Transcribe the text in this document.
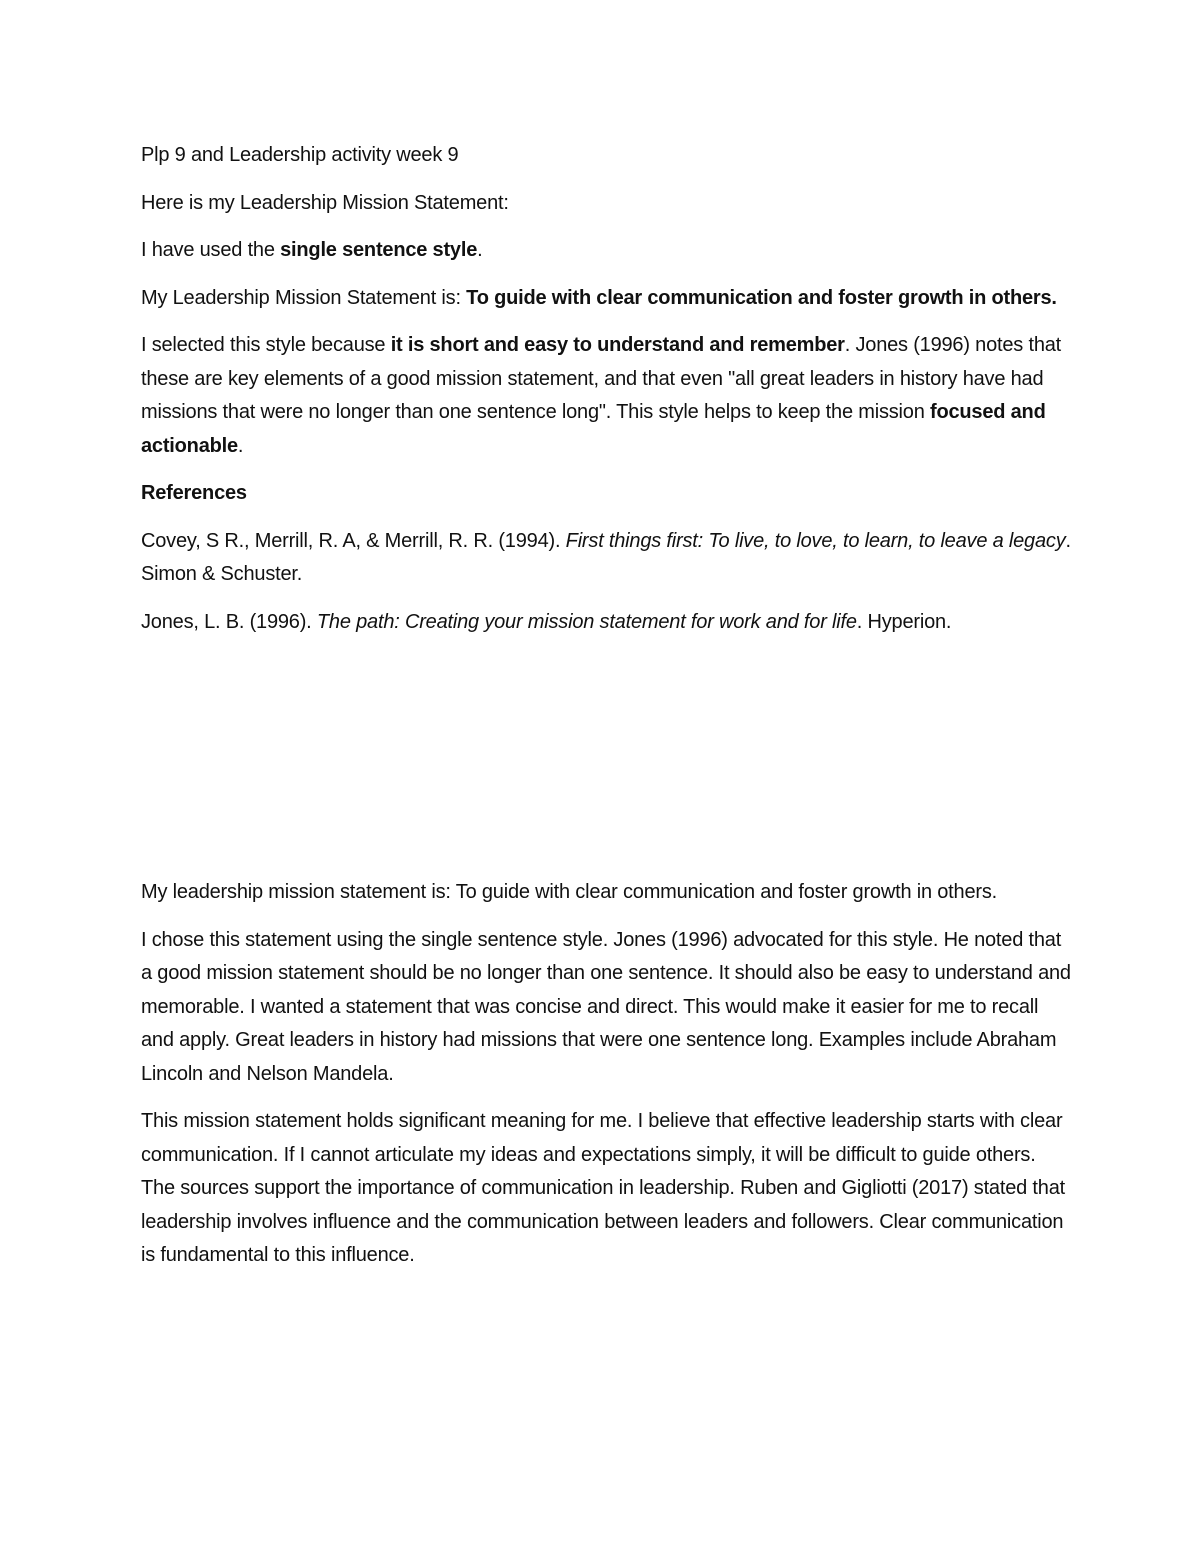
Plp 9 and Leadership activity week 9

Here is my Leadership Mission Statement:

I have used the single sentence style.

My Leadership Mission Statement is: To guide with clear communication and foster growth in others.

I selected this style because it is short and easy to understand and remember. Jones (1996) notes that these are key elements of a good mission statement, and that even "all great leaders in history have had missions that were no longer than one sentence long". This style helps to keep the mission focused and actionable.

References

Covey, S R., Merrill, R. A, & Merrill, R. R. (1994). First things first: To live, to love, to learn, to leave a legacy. Simon & Schuster.

Jones, L. B. (1996). The path: Creating your mission statement for work and for life. Hyperion.

My leadership mission statement is: To guide with clear communication and foster growth in others.

I chose this statement using the single sentence style. Jones (1996) advocated for this style. He noted that a good mission statement should be no longer than one sentence. It should also be easy to understand and memorable. I wanted a statement that was concise and direct. This would make it easier for me to recall and apply. Great leaders in history had missions that were one sentence long. Examples include Abraham Lincoln and Nelson Mandela.

This mission statement holds significant meaning for me. I believe that effective leadership starts with clear communication. If I cannot articulate my ideas and expectations simply, it will be difficult to guide others. The sources support the importance of communication in leadership. Ruben and Gigliotti (2017) stated that leadership involves influence and the communication between leaders and followers. Clear communication is fundamental to this influence.
